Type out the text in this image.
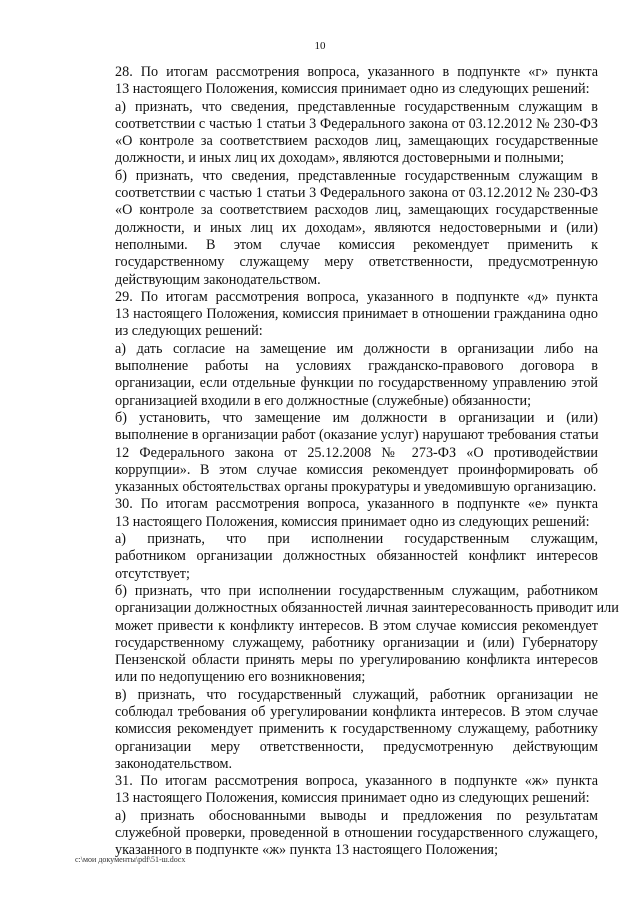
10
28. По итогам рассмотрения вопроса, указанного в подпункте «г» пункта
13 настоящего Положения, комиссия принимает одно из следующих решений:
а) признать, что сведения, представленные государственным служащим в
соответствии с частью 1 статьи 3 Федерального закона от 03.12.2012 № 230-ФЗ
«О контроле за соответствием расходов лиц, замещающих государственные
должности, и иных лиц их доходам», являются достоверными и полными;
б) признать, что сведения, представленные государственным служащим в
соответствии с частью 1 статьи 3 Федерального закона от 03.12.2012 № 230-ФЗ
«О контроле за соответствием расходов лиц, замещающих государственные
должности, и иных лиц их доходам», являются недостоверными и (или)
неполными. В этом случае комиссия рекомендует применить к
государственному служащему меру ответственности, предусмотренную
действующим законодательством.
29. По итогам рассмотрения вопроса, указанного в подпункте «д» пункта
13 настоящего Положения, комиссия принимает в отношении гражданина одно
из следующих решений:
а) дать согласие на замещение им должности в организации либо на
выполнение работы на условиях гражданско-правового договора в
организации, если отдельные функции по государственному управлению этой
организацией входили в его должностные (служебные) обязанности;
б) установить, что замещение им должности в организации и (или)
выполнение в организации работ (оказание услуг) нарушают требования статьи
12 Федерального закона от 25.12.2008 № 273-ФЗ «О противодействии
коррупции». В этом случае комиссия рекомендует проинформировать об
указанных обстоятельствах органы прокуратуры и уведомившую организацию.
30. По итогам рассмотрения вопроса, указанного в подпункте «е» пункта
13 настоящего Положения, комиссия принимает одно из следующих решений:
а) признать, что при исполнении государственным служащим,
работником организации должностных обязанностей конфликт интересов
отсутствует;
б) признать, что при исполнении государственным служащим, работником
организации должностных обязанностей личная заинтересованность приводит или
может привести к конфликту интересов. В этом случае комиссия рекомендует
государственному служащему, работнику организации и (или) Губернатору
Пензенской области принять меры по урегулированию конфликта интересов
или по недопущению его возникновения;
в) признать, что государственный служащий, работник организации не
соблюдал требования об урегулировании конфликта интересов. В этом случае
комиссия рекомендует применить к государственному служащему, работнику
организации меру ответственности, предусмотренную действующим
законодательством.
31. По итогам рассмотрения вопроса, указанного в подпункте «ж» пункта
13 настоящего Положения, комиссия принимает одно из следующих решений:
а) признать обоснованными выводы и предложения по результатам
служебной проверки, проведенной в отношении государственного служащего,
указанного в подпункте «ж» пункта 13 настоящего Положения;
c:\мои документы\pdf\51-ш.docx
